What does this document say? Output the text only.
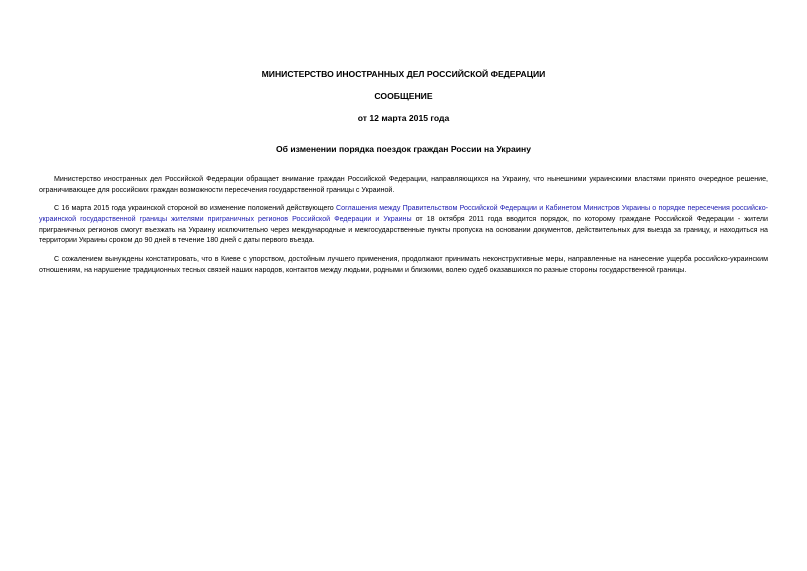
МИНИСТЕРСТВО ИНОСТРАННЫХ ДЕЛ РОССИЙСКОЙ ФЕДЕРАЦИИ
СООБЩЕНИЕ
от 12 марта 2015 года
Об изменении порядка поездок граждан России на Украину

Министерство иностранных дел Российской Федерации обращает внимание граждан Российской Федерации, направляющихся на Украину, что нынешними украинскими властями принято очередное решение, ограничивающее для российских граждан возможности пересечения государственной границы с Украиной.

С 16 марта 2015 года украинской стороной во изменение положений действующего Соглашения между Правительством Российской Федерации и Кабинетом Министров Украины о порядке пересечения российско-украинской государственной границы жителями приграничных регионов Российской Федерации и Украины от 18 октября 2011 года вводится порядок, по которому граждане Российской Федерации - жители приграничных регионов смогут въезжать на Украину исключительно через международные и межгосударственные пункты пропуска на основании документов, действительных для выезда за границу, и находиться на территории Украины сроком до 90 дней в течение 180 дней с даты первого въезда.

С сожалением вынуждены констатировать, что в Киеве с упорством, достойным лучшего применения, продолжают принимать неконструктивные меры, направленные на нанесение ущерба российско-украинским отношениям, на нарушение традиционных тесных связей наших народов, контактов между людьми, родными и близкими, волею судеб оказавшихся по разные стороны государственной границы.
